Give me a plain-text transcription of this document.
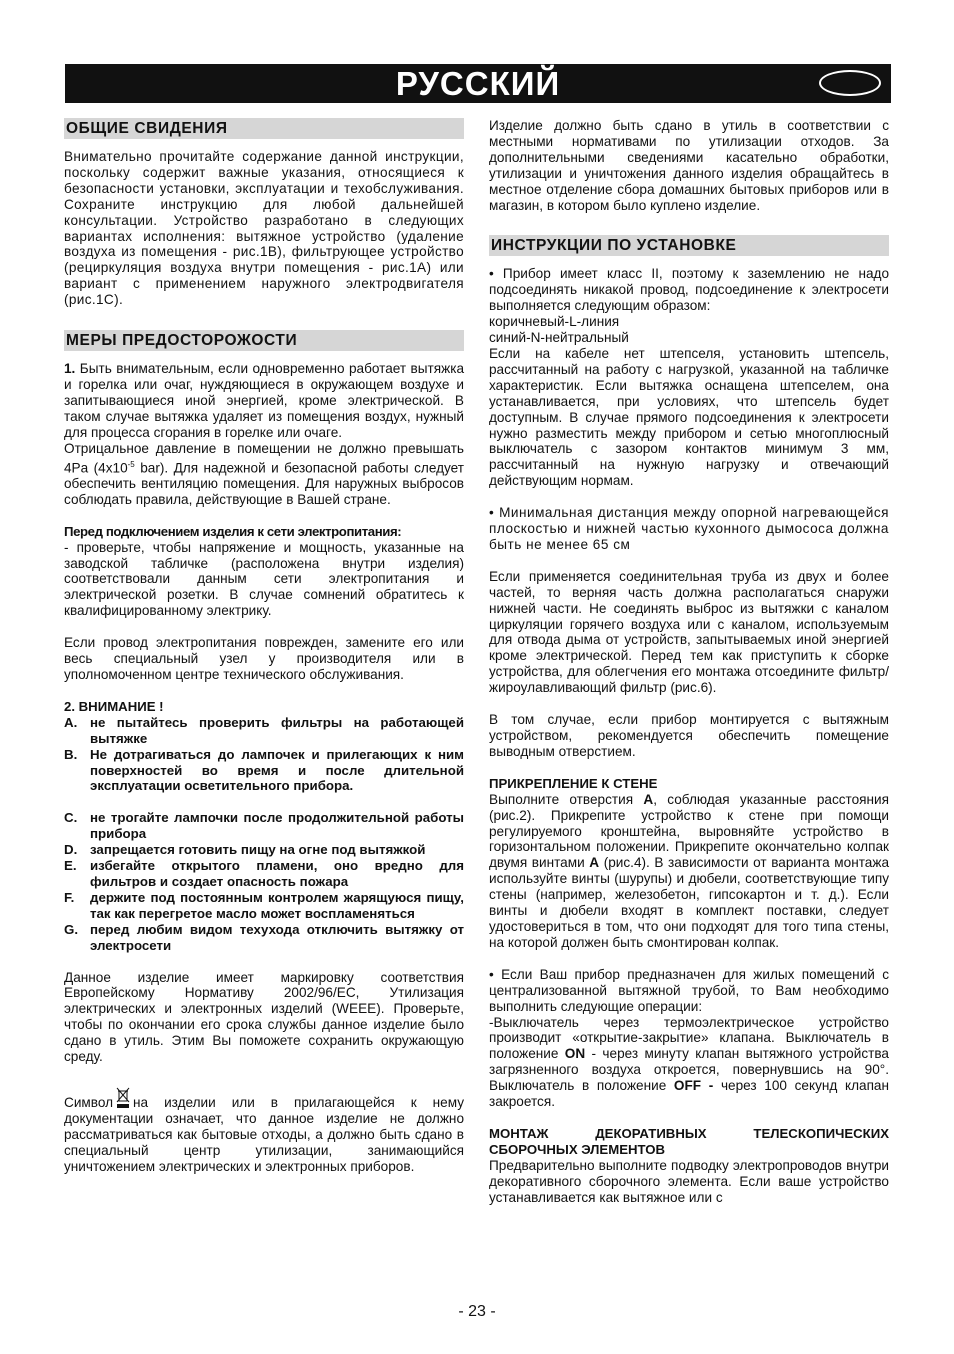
РУССКИЙ
ОБЩИЕ СВИДЕНИЯ

Внимательно прочитайте содержание данной инструкции, поскольку содержит важные указания, относящиеся к безопасности установки, эксплуатации и техобслуживания. Сохраните инструкцию для любой дальнейшей консультации. Устройство разработано в следующих вариантах исполнения: вытяжное устройство (удаление воздуха из помещения - рис.1В), фильтрующее устройство (рециркуляция воздуха внутри помещения - рис.1А) или вариант с применением наружного электродвигателя (рис.1С).

МЕРЫ ПРЕДОСТОРОЖОСТИ

1. Быть внимательным, если одновременно работает вытяжка и горелка или очаг, нуждяющиеся в окружающем воздухе и запитывающиеся иной энергией, кроме электрической. В таком случае вытяжка удаляет из помещения воздух, нужный для процесса сгорания в горелке или очаге.

Отрицальное давление в помещении не должно превышать 4Pa ($4x10^{-5}$ bar). Для надежной и безопасной работы следует обеспечить вентиляцию помещения. Для наружных выбросов соблюдать правила, действующие в Вашей стране.

Перед подключением изделия к сети электропитания:

- проверьте, чтобы напряжение и мощность, указанные на заводской табличке (расположена внутри изделия) соответствовали данным сети электропитания и электрической розетки. В случае сомнений обратитесь к квалифицированному электрику.

Если провод электропитания поврежден, замените его или весь специальный узел у производителя или в уполномоченном центре технического обслуживания.

2. ВНИМАНИЕ !

A. не пытайтесь проверить фильтры на работающей вытяжке
B. Не дотрагиваться до лампочек и прилегающих к ним поверхностей во время и после длительной эксплуатации осветительного прибора.
C. не трогайте лампочки после продолжительной работы прибора
D. запрещается готовить пищу на огне под вытяжкой
E.	избегайте открытого пламени, оно вредно для фильтров и создает опасность пожара
F.	держите под постоянным контролем жарящуюся пищу, так как перегретое масло может воспламеняться
G. перед любим видом техухода отключить вытяжку от электросети

Данное изделие имеет маркировку соответствия Европейскому Нормативу 2002/96/EC, Утилизация электрических и электронных изделий (WEEE). Проверьте, чтобы по окончании его срока службы данное изделие было сдано в утиль. Этим Вы поможете сохранить окружающую среду.

Символ на изделии или в прилагающейся к нему документации означает, что данное изделие не должно рассматриваться как бытовые отходы, а должно быть сдано в специальный центр утилизации, занимающийся уничтожением электрических и электронных приборов.

Изделие должно быть сдано в утиль в соответствии с местными нормативами по утилизации отходов. За дополнительными сведениями касательно обработки, утилизации и уничтожения данного изделия обращайтесь в местное отделение сбора домашних бытовых приборов или в магазин, в котором было куплено изделие.

ИНСТРУКЦИИ ПО УСТАНОВКЕ

• Прибор имеет класс II, поэтому к заземлению не надо подсоединять никакой провод, подсоединение к электросети выполняется следующим образом:

коричневый-L-линия

синий-N-нейтральный

Если на кабеле нет штепселя, установить штепсель, рассчитанный на работу с нагрузкой, указанной на табличке характеристик. Если вытяжка оснащена штепселем, она устанавливается, при условиях, что штепсель будет доступным. В случае прямого подсоединения к электросети нужно разместить между прибором и сетью многоплюсный выключатель с зазором контактов минимум 3 мм, рассчитанный на нужную нагрузку и отвечающий действующим нормам.

• Минимальная дистанция между опорной нагревающейся плоскостью и нижней частью кухонного дымососа должна быть не менее 65 см

Если применяется соединительная труба из двух и более частей, то верняя часть должна располагаться снаружи нижней части. Не соединять выброс из вытяжки с каналом циркуляции горячего воздуха или с каналом, используемым для отвода дыма от устройств, запытываемых иной энергией кроме электрической. Перед тем как приступить к сборке устройства, для облегчения его монтажа отсоедините фильтр/жироулавливающий фильтр (рис.6).

В том случае, если прибор монтируется с вытяжным устройством, рекомендуется обеспечить помещение выводным отверстием.

ПРИКРЕПЛЕНИЕ К СТЕНЕ

Выполните отверстия A, соблюдая указанные расстояния (рис.2). Прикрепите устройство к стене при помощи регулируемого кронштейна, выровняйте устройство в горизонтальном положении. Прикрепите окончательно колпак двумя винтами A (рис.4). В зависимости от варианта монтажа используйте винты (шурупы) и дюбели, соответствующие типу стены (например, железобетон, гипсокартон и т. д.). Если винты и дюбели входят в комплект поставки, следует удостовериться в том, что они подходят для того типа стены, на которой должен быть смонтирован колпак.

• Если Ваш прибор предназначен для жилых помещений с централизованной вытяжной трубой, то Вам необходимо выполнить следующие операции:

-Выключатель через термоэлектрическое устройство производит «открытие-закрытие» клапана. Выключатель в положение ON - через минуту клапан вытяжного устройства загрязненного воздуха откроется, повернувшись на 90°. Выключатель в положение OFF - через 100 секунд клапан закроется.

МОНТАЖ ДЕКОРАТИВНЫХ ТЕЛЕСКОПИЧЕСКИХ СБОРОЧНЫХ ЭЛЕМЕНТОВ

Предварительно выполните подводку электропроводов внутри декоративного сборочного элемента. Если ваше устройство устанавливается как вытяжное или с

- 23 -
